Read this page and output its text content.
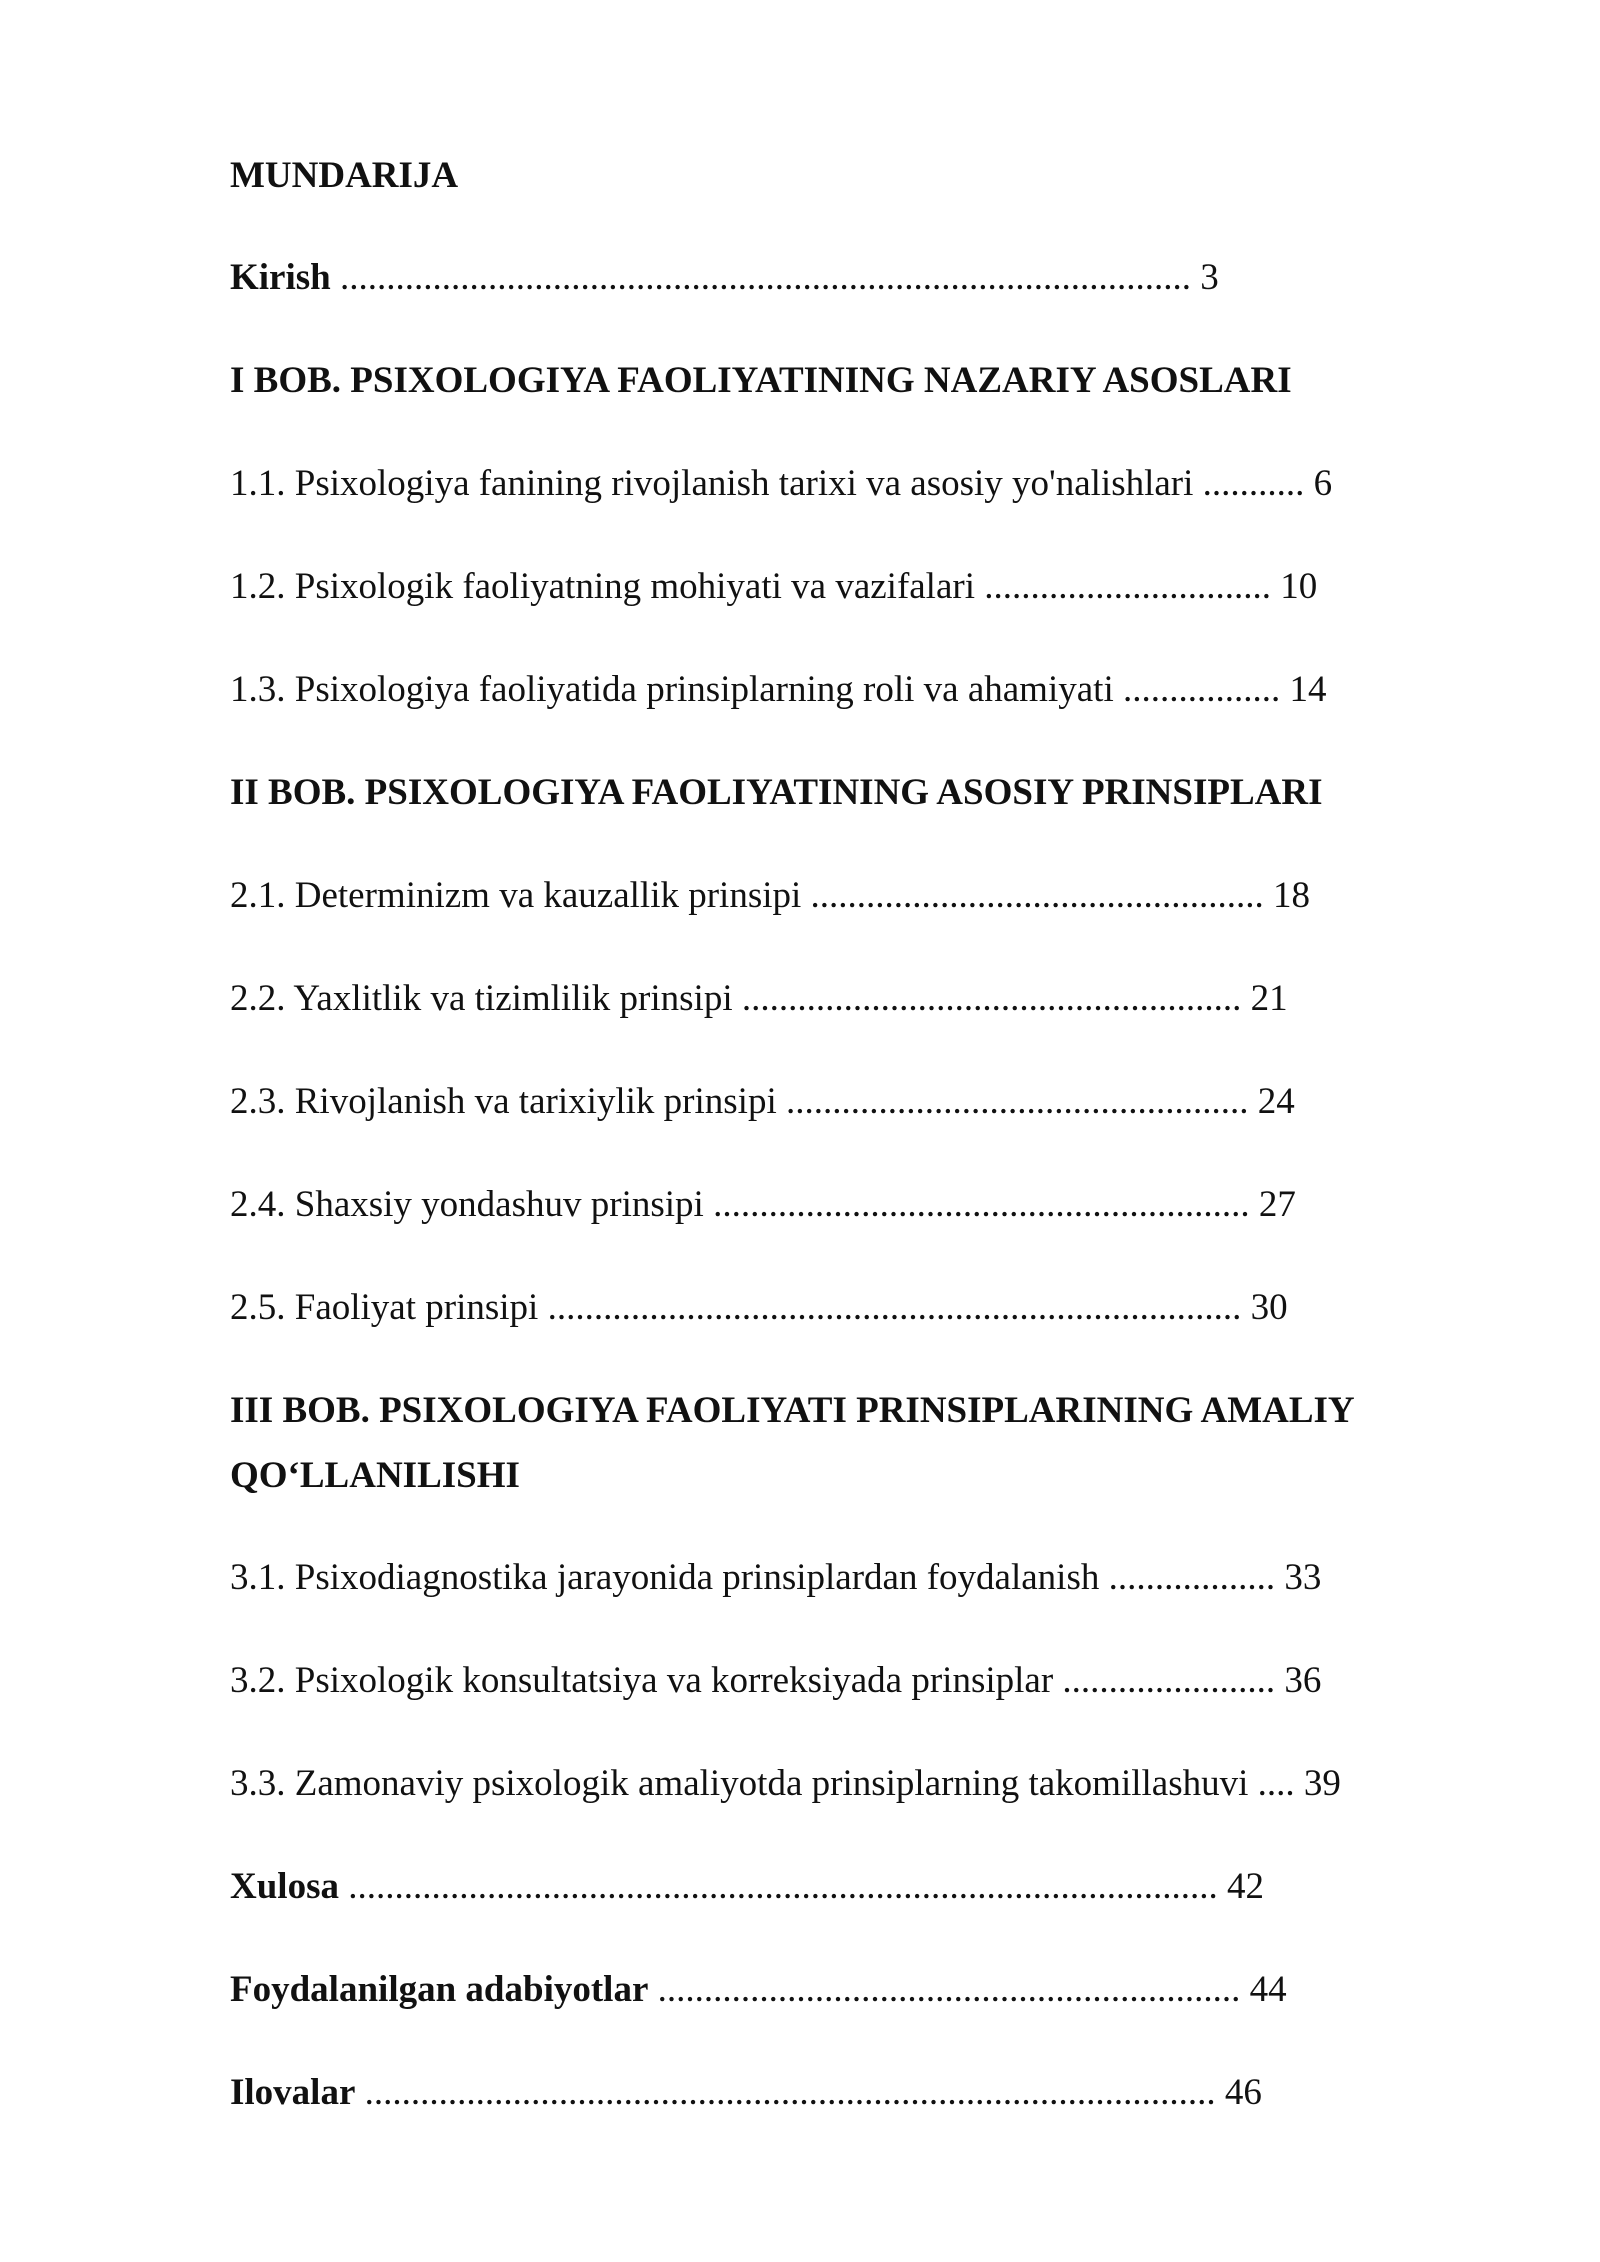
MUNDARIJA
Kirish ............................................................................................ 3
I BOB. PSIXOLOGIYA FAOLIYATINING NAZARIY ASOSLARI
1.1. Psixologiya fanining rivojlanish tarixi va asosiy yo'nalishlari ........... 6
1.2. Psixologik faoliyatning mohiyati va vazifalari ............................... 10
1.3. Psixologiya faoliyatida prinsiplarning roli va ahamiyati ................. 14
II BOB. PSIXOLOGIYA FAOLIYATINING ASOSIY PRINSIPLARI
2.1. Determinizm va kauzallik prinsipi ................................................. 18
2.2. Yaxlitlik va tizimlilik prinsipi ...................................................... 21
2.3. Rivojlanish va tarixiylik prinsipi .................................................. 24
2.4. Shaxsiy yondashuv prinsipi .......................................................... 27
2.5. Faoliyat prinsipi ........................................................................... 30
III BOB. PSIXOLOGIYA FAOLIYATI PRINSIPLARINING AMALIY
QO‘LLANILISHI
3.1. Psixodiagnostika jarayonida prinsiplardan foydalanish .................. 33
3.2. Psixologik konsultatsiya va korreksiyada prinsiplar ....................... 36
3.3. Zamonaviy psixologik amaliyotda prinsiplarning takomillashuvi .... 39
Xulosa .............................................................................................. 42
Foydalanilgan adabiyotlar ............................................................... 44
Ilovalar ............................................................................................ 46
